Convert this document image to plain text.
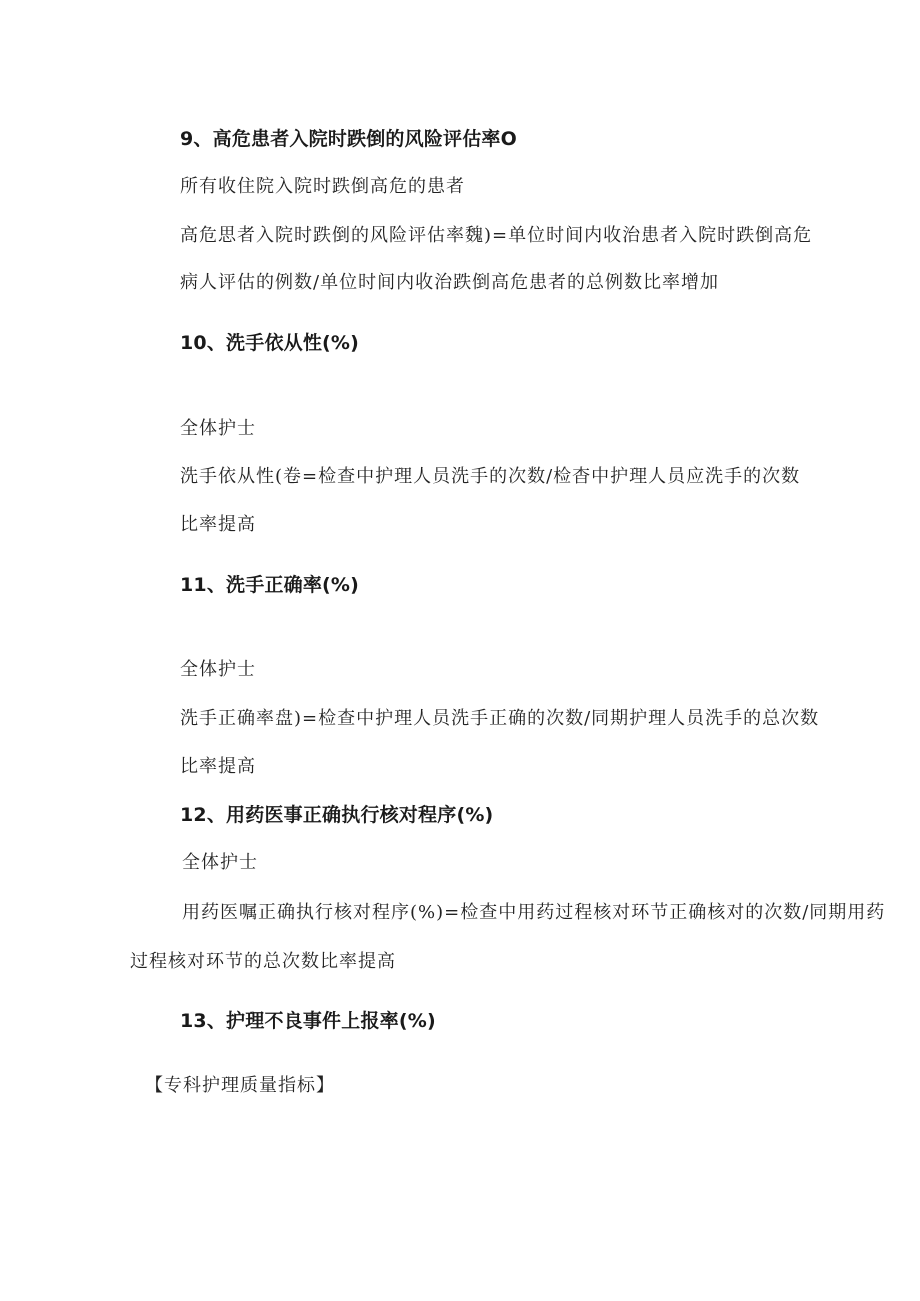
9、高危患者入院时跌倒的风险评估率O
所有收住院入院时跌倒高危的患者
高危思者入院时跌倒的风险评估率魏)=单位时间内收治患者入院时跌倒高危
病人评估的例数/单位时间内收治跌倒高危患者的总例数比率增加
10、洗手依从性(%)
全体护士
洗手依从性(卷=检查中护理人员洗手的次数/检杳中护理人员应洗手的次数
比率提高
11、洗手正确率(%)
全体护士
洗手正确率盘)=检查中护理人员洗手正确的次数/同期护理人员洗手的总次数
比率提高
12、用药医事正确执行核对程序(%)
全体护士
用药医嘱正确执行核对程序(%)=检查中用药过程核对环节正确核对的次数/同期用药
过程核对环节的总次数比率提高
13、护理不良事件上报率(%)
【专科护理质量指标】
